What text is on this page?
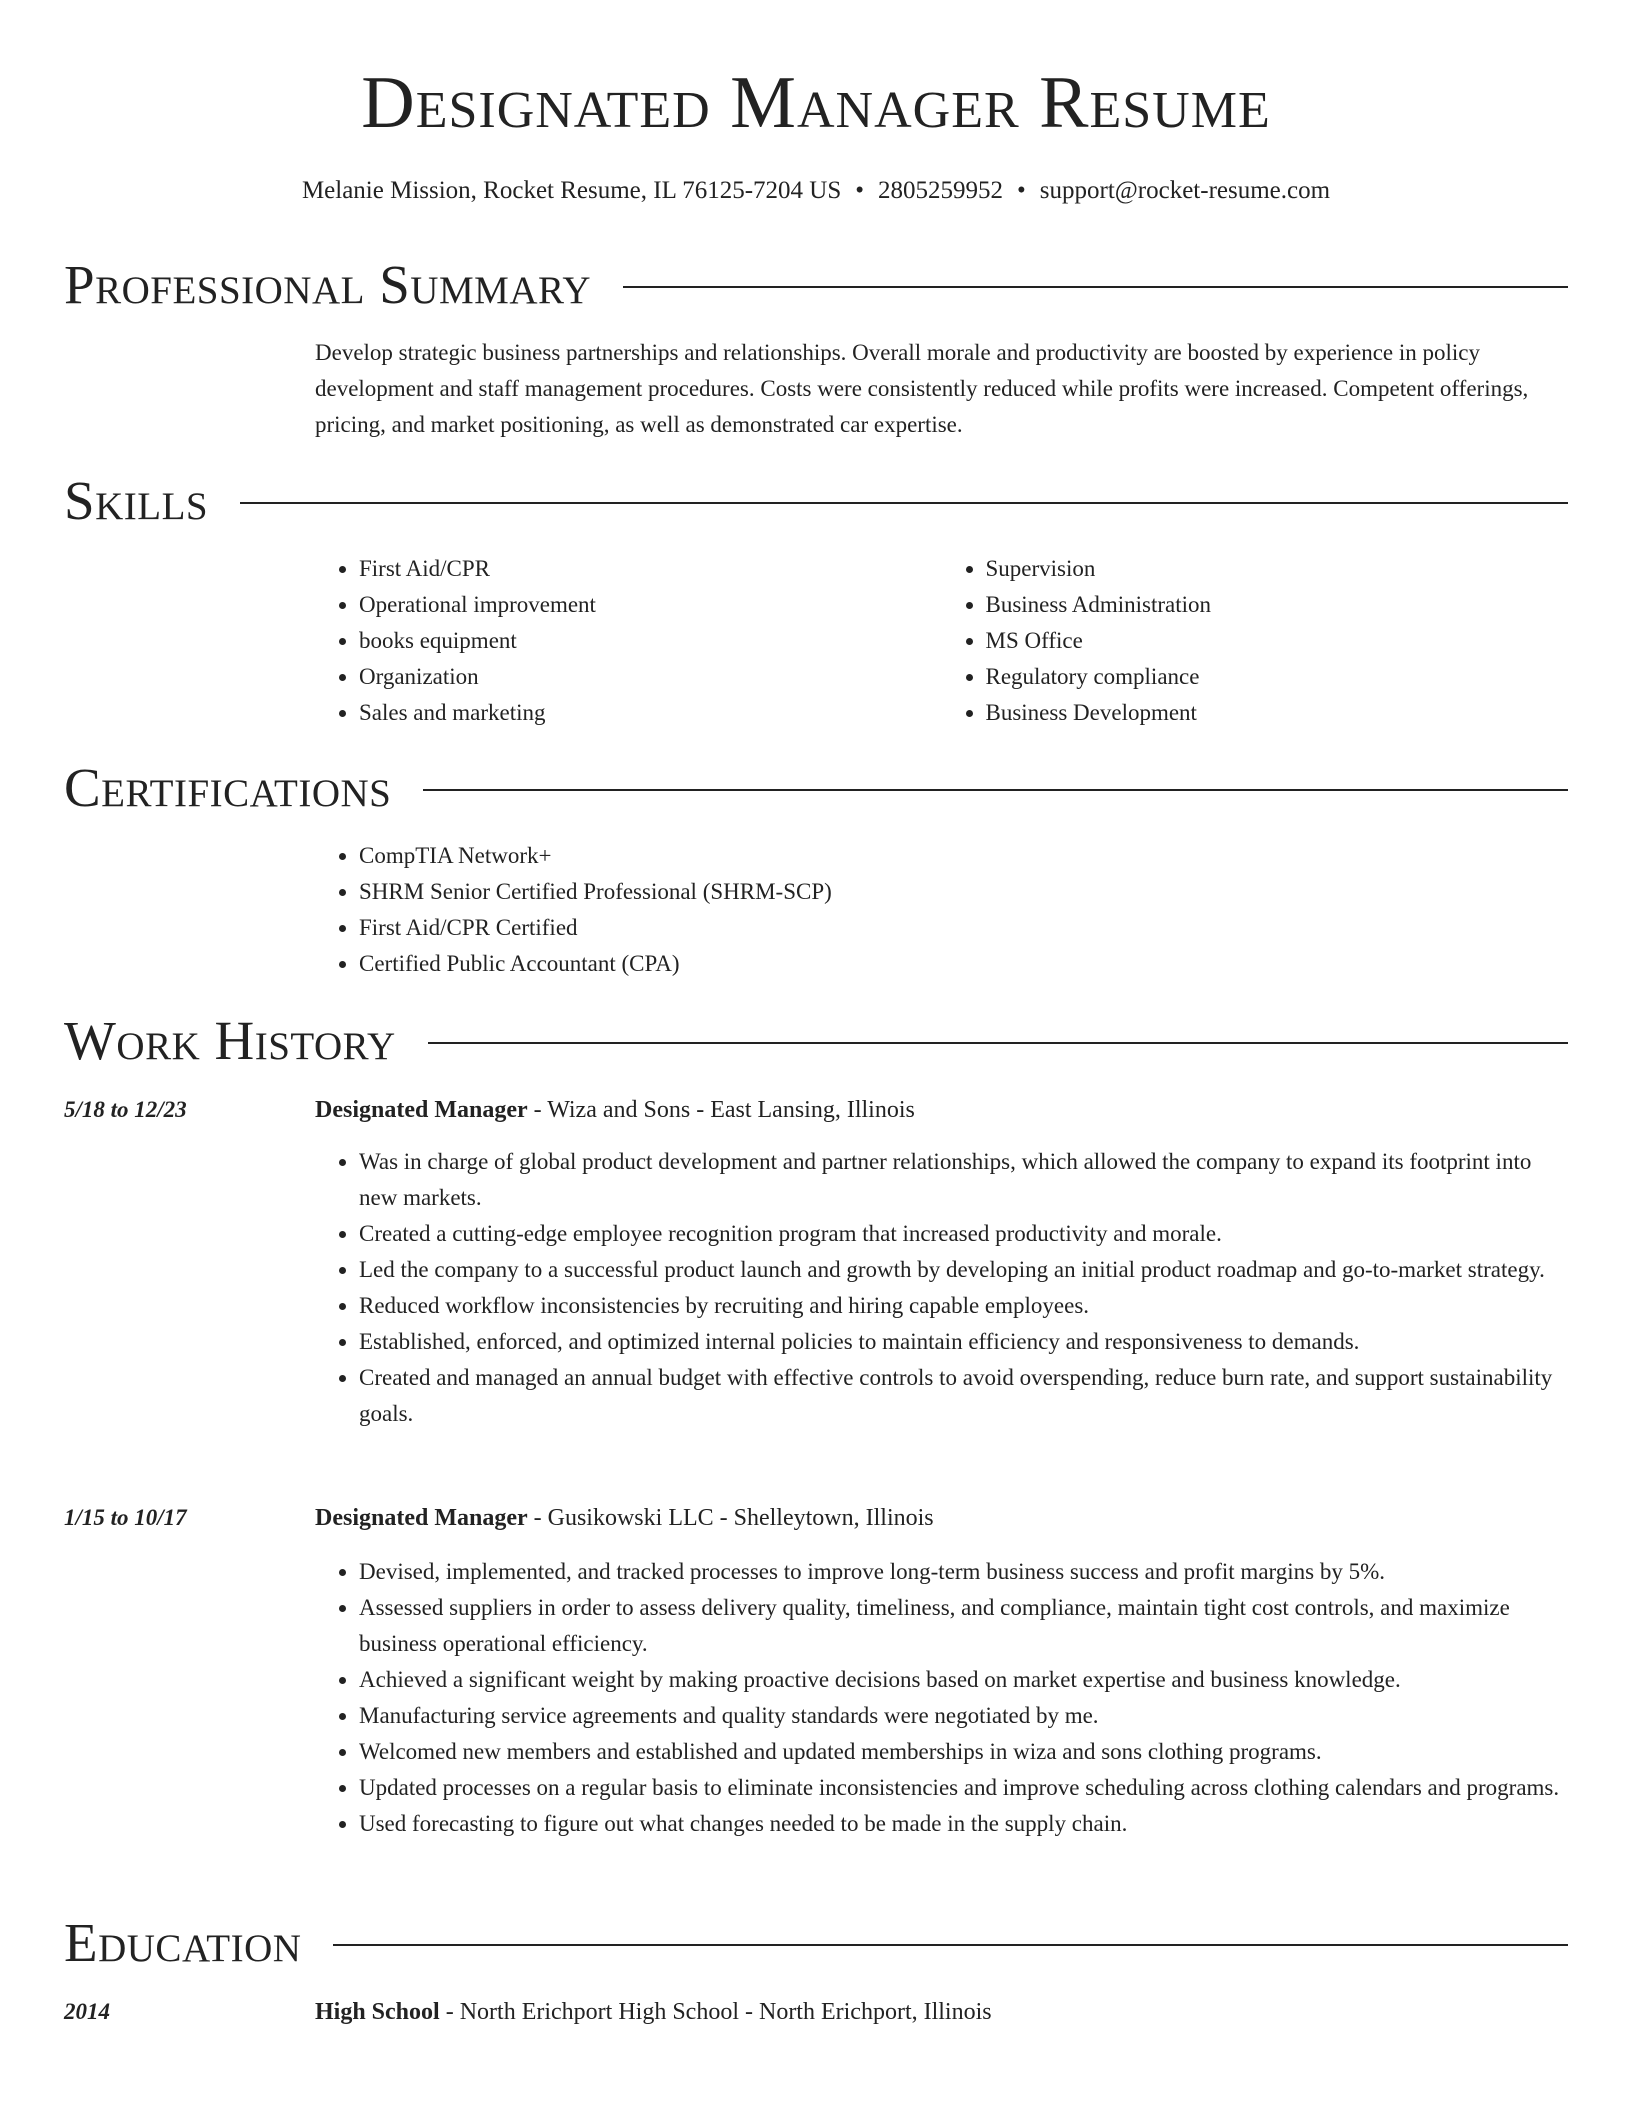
Designated Manager Resume
Melanie Mission, Rocket Resume, IL 76125-7204 US • 2805259952 • support@rocket-resume.com
Professional Summary

Develop strategic business partnerships and relationships. Overall morale and productivity are boosted by experience in policy development and staff management procedures. Costs were consistently reduced while profits were increased. Competent offerings, pricing, and market positioning, as well as demonstrated car expertise.

Skills
• First Aid/CPR
• Operational improvement
• books equipment
• Organization
• Sales and marketing
• Supervision
• Business Administration
• MS Office
• Regulatory compliance
• Business Development
Certifications
• CompTIA Network+
• SHRM Senior Certified Professional (SHRM-SCP)
• First Aid/CPR Certified
• Certified Public Accountant (CPA)
Work History
5/18 to 12/23	Designated Manager - Wiza and Sons - East Lansing, Illinois
• Was in charge of global product development and partner relationships, which allowed the company to expand its footprint into new markets.
• Created a cutting-edge employee recognition program that increased productivity and morale.
• Led the company to a successful product launch and growth by developing an initial product roadmap and go-to-market strategy.
• Reduced workflow inconsistencies by recruiting and hiring capable employees.
• Established, enforced, and optimized internal policies to maintain efficiency and responsiveness to demands.
• Created and managed an annual budget with effective controls to avoid overspending, reduce burn rate, and support sustainability goals.
1/15 to 10/17	Designated Manager - Gusikowski LLC - Shelleytown, Illinois
• Devised, implemented, and tracked processes to improve long-term business success and profit margins by 5%.
• Assessed suppliers in order to assess delivery quality, timeliness, and compliance, maintain tight cost controls, and maximize business operational efficiency.
• Achieved a significant weight by making proactive decisions based on market expertise and business knowledge.
• Manufacturing service agreements and quality standards were negotiated by me.
• Welcomed new members and established and updated memberships in wiza and sons clothing programs.
• Updated processes on a regular basis to eliminate inconsistencies and improve scheduling across clothing calendars and programs.
• Used forecasting to figure out what changes needed to be made in the supply chain.
Education
2014	High School - North Erichport High School - North Erichport, Illinois
